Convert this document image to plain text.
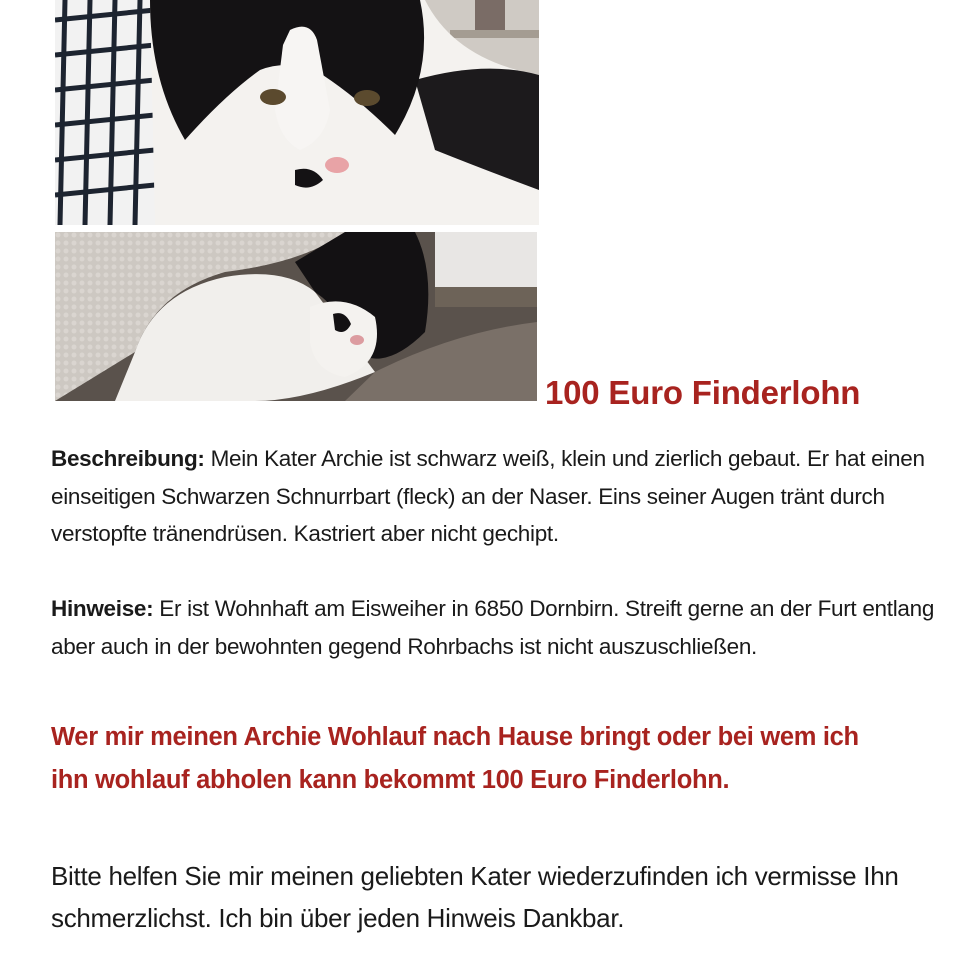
100 Euro Finderlohn
Beschreibung: Mein Kater Archie ist schwarz weiß, klein und zierlich gebaut. Er hat einen einseitigen Schwarzen Schnurrbart (fleck) an der Naser. Eins seiner Augen tränt durch verstopfte tränendrüsen. Kastriert aber nicht gechipt.
Hinweise: Er ist Wohnhaft am Eisweiher in 6850 Dornbirn. Streift gerne an der Furt entlang aber auch in der bewohnten gegend Rohrbachs ist nicht auszuschließen.
Wer mir meinen Archie Wohlauf nach Hause bringt oder bei wem ich ihn wohlauf abholen kann bekommt 100 Euro Finderlohn.
Bitte helfen Sie mir meinen geliebten Kater wiederzufinden ich vermisse Ihn schmerzlichst. Ich bin über jeden Hinweis Dankbar.
